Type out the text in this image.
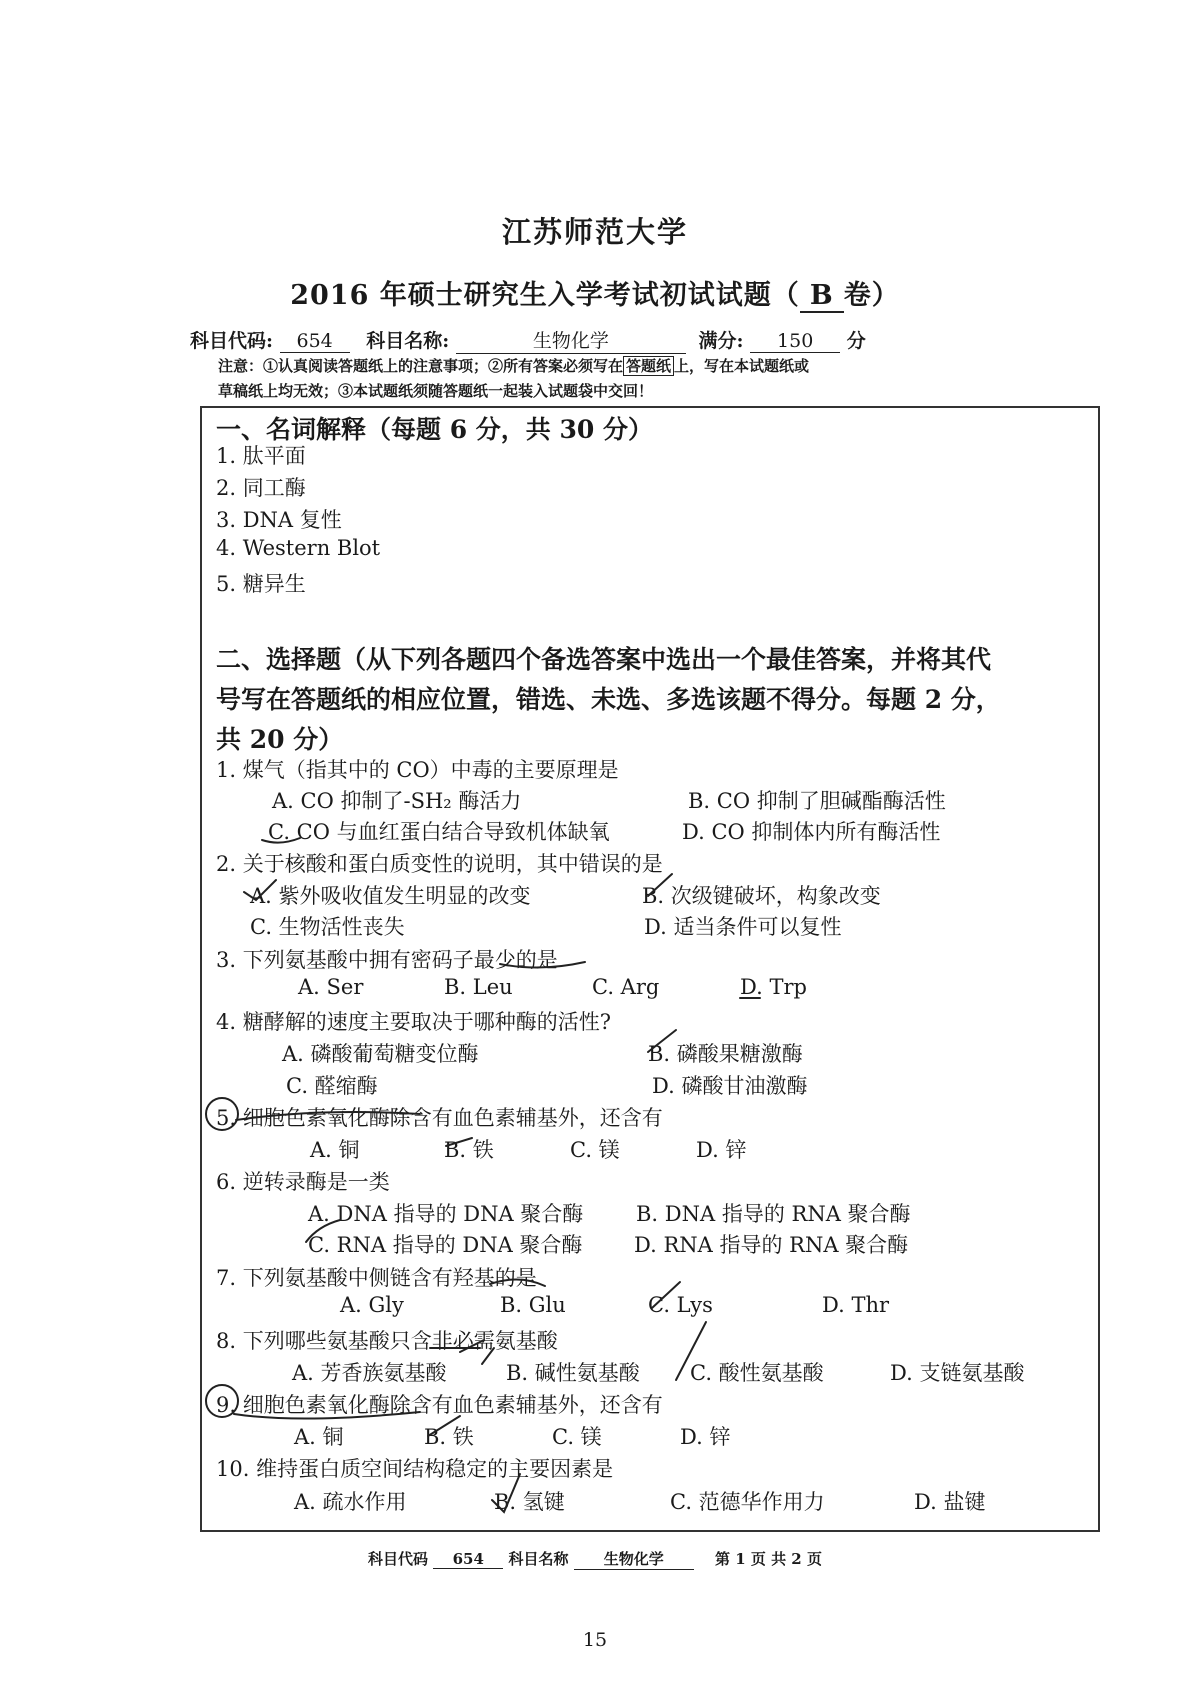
江苏师范大学
2016 年硕士研究生入学考试初试试题（ B 卷）
科目代码: 654 科目名称:	生物化学	满分: 150 分
注意：①认真阅读答题纸上的注意事项；②所有答案必须写在 答题纸 上，写在本试题纸或
草稿纸上均无效；③本试题纸须随答题纸一起装入试题袋中交回！
一、名词解释（每题 6 分，共 30 分）
1. 肽平面
2. 同工酶
3. DNA 复性
4. Western Blot
5. 糖异生
二、选择题（从下列各题四个备选答案中选出一个最佳答案，并将其代
号写在答题纸的相应位置，错选、未选、多选该题不得分。每题 2 分，
共 20 分）
1. 煤气（指其中的 CO）中毒的主要原理是
A. CO 抑制了-SH₂ 酶活力	B. CO 抑制了胆碱酯酶活性
C. CO 与血红蛋白结合导致机体缺氧	D. CO 抑制体内所有酶活性
2. 关于核酸和蛋白质变性的说明，其中错误的是
A. 紫外吸收值发生明显的改变	B. 次级键破坏，构象改变
C. 生物活性丧失	D. 适当条件可以复性
3. 下列氨基酸中拥有密码子最少的是
A. Ser	B. Leu	C. Arg	D. Trp
4. 糖酵解的速度主要取决于哪种酶的活性?
A. 磷酸葡萄糖变位酶	B. 磷酸果糖激酶
C. 醛缩酶	D. 磷酸甘油激酶
5. 细胞色素氧化酶除含有血色素辅基外，还含有
A. 铜	B. 铁	C. 镁	D. 锌
6. 逆转录酶是一类
A. DNA 指导的 DNA 聚合酶	B. DNA 指导的 RNA 聚合酶
C. RNA 指导的 DNA 聚合酶 D. RNA 指导的 RNA 聚合酶
7. 下列氨基酸中侧链含有羟基的是
A. Gly	B. Glu	C. Lys	D. Thr
8. 下列哪些氨基酸只含非必需氨基酸
A. 芳香族氨基酸	B. 碱性氨基酸 C. 酸性氨基酸	D. 支链氨基酸
9. 细胞色素氧化酶除含有血色素辅基外，还含有
A. 铜	B. 铁	C. 镁	D. 锌
10. 维持蛋白质空间结构稳定的主要因素是
A. 疏水作用	B. 氢键	C. 范德华作用力	D. 盐键
科目代码 654 科目名称 生物化学	第 1 页 共 2 页
15
